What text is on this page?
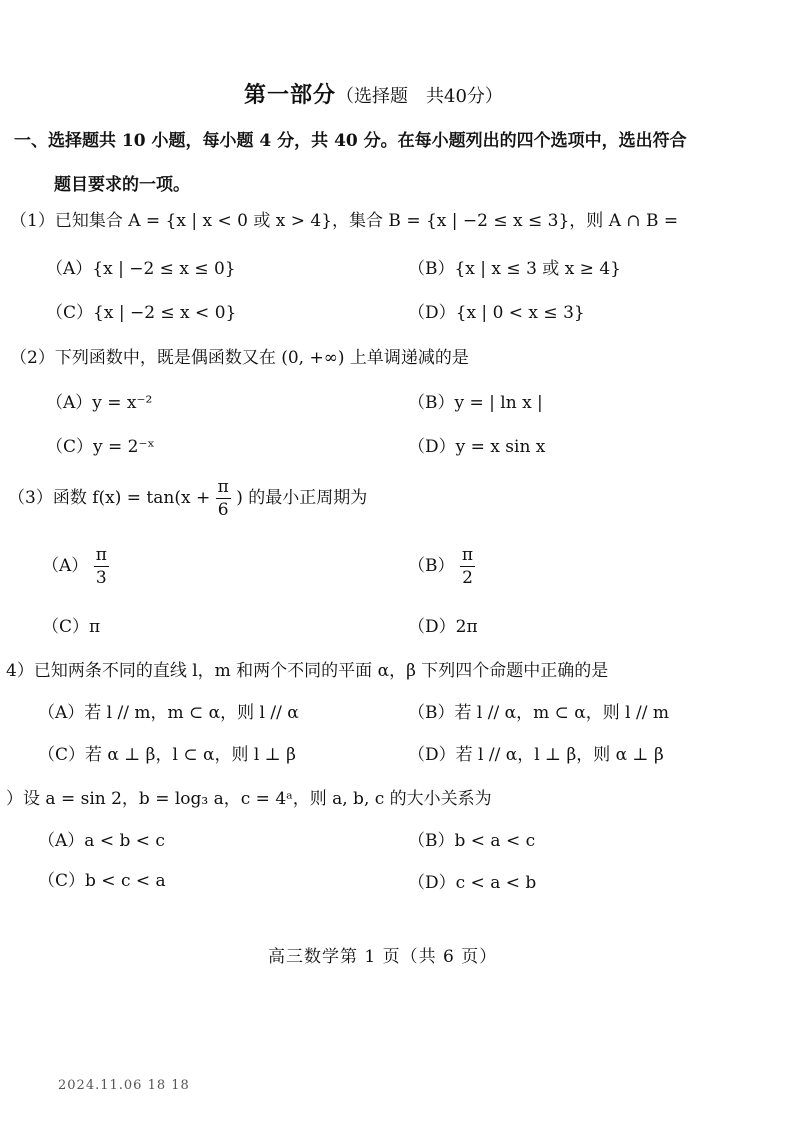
第一部分（选择题　共40分）
一、选择题共 10 小题，每小题 4 分，共 40 分。在每小题列出的四个选项中，选出符合
题目要求的一项。
（1）已知集合 A = {x | x < 0 或 x > 4}，集合 B = {x | −2 ≤ x ≤ 3}，则 A ∩ B =
（A）{x | −2 ≤ x ≤ 0}	（B）{x | x ≤ 3 或 x ≥ 4}
（C）{x | −2 ≤ x < 0}	（D）{x | 0 < x ≤ 3}
（2）下列函数中，既是偶函数又在 (0, +∞) 上单调递减的是
（A）y = x⁻²	（B）y = | ln x |
（C）y = 2⁻ˣ	（D）y = x sin x
（3）函数 $f(x) = \tan(x + \frac{\pi}{6}$ ) 的最小正周期为
$(A) \frac{\pi}{3}$	$(B) \frac{\pi}{2}$
（C）π	（D）2π
4）已知两条不同的直线 l，m 和两个不同的平面 α，β 下列四个命题中正确的是
（A）若 l // m，m ⊂ α，则 l // α	（B）若 l // α，m ⊂ α，则 l // m
（C）若 α ⊥ β，l ⊂ α，则 l ⊥ β	（D）若 l // α，l ⊥ β，则 α ⊥ β
）设 a = sin 2，b = log₃ a，c = 4ᵃ，则 a, b, c 的大小关系为
（A）a < b < c	（B）b < a < c
（C）b < c < a	（D）c < a < b
高三数学第 1 页（共 6 页）
2024.11.06 18 18
